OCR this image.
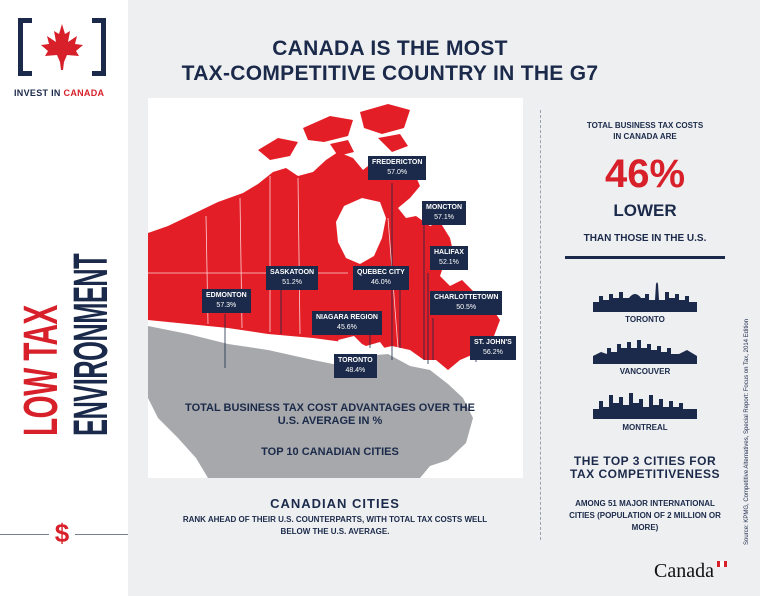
INVEST IN CANADA
LOW TAX
ENVIRONMENT
$
CANADA IS THE MOST
TAX-COMPETITIVE COUNTRY IN THE G7
FREDERICTON
57.0%
MONCTON
57.1%
HALIFAX
52.1%
SASKATOON
51.2%
QUEBEC CITY
46.0%
CHARLOTTETOWN
50.5%
EDMONTON
57.3%
NIAGARA REGION
45.6%
ST. JOHN'S
56.2%
TORONTO
48.4%
TOTAL BUSINESS TAX COST ADVANTAGES OVER THE U.S. AVERAGE IN %
TOP 10 CANADIAN CITIES
CANADIAN CITIES
RANK AHEAD OF THEIR U.S. COUNTERPARTS, WITH TOTAL TAX COSTS WELL BELOW THE U.S. AVERAGE.
TOTAL BUSINESS TAX COSTS
IN CANADA ARE
46%
LOWER
THAN THOSE IN THE U.S.
TORONTO
VANCOUVER
MONTREAL
THE TOP 3 CITIES FOR TAX COMPETITIVENESS
AMONG 51 MAJOR INTERNATIONAL CITIES (POPULATION OF 2 MILLION OR MORE)	Source: KPMG, Competitive Alternatives, Special Report: Focus on Tax, 2014 Edition
Canada
